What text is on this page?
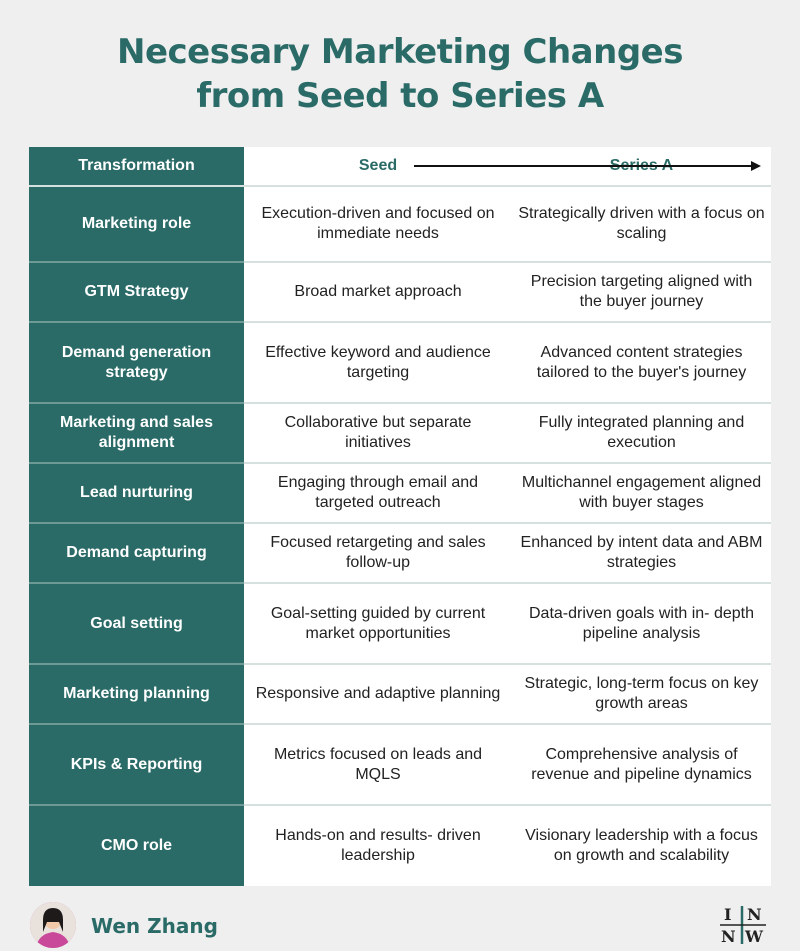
Necessary Marketing Changes
from Seed to Series A
Transformation	Seed	Series A
Marketing role	Execution-driven and focused on immediate needs	Strategically driven with a focus on scaling
GTM Strategy	Broad market approach	Precision targeting aligned with the buyer journey
Demand generation strategy	Effective keyword and audience targeting	Advanced content strategies tailored to the buyer's journey
Marketing and sales alignment	Collaborative but separate initiatives	Fully integrated planning and execution
Lead nurturing	Engaging through email and targeted outreach	Multichannel engagement aligned with buyer stages
Demand capturing	Focused retargeting and sales follow-up	Enhanced by intent data and ABM strategies
Goal setting	Goal-setting guided by current market opportunities	Data-driven goals with in- depth pipeline analysis
Marketing planning	Responsive and adaptive planning	Strategic, long-term focus on key growth areas
KPIs & Reporting	Metrics focused on leads and MQLS	Comprehensive analysis of revenue and pipeline dynamics
CMO role	Hands-on and results- driven leadership	Visionary leadership with a focus on growth and scalability
Wen Zhang	I N
N W
